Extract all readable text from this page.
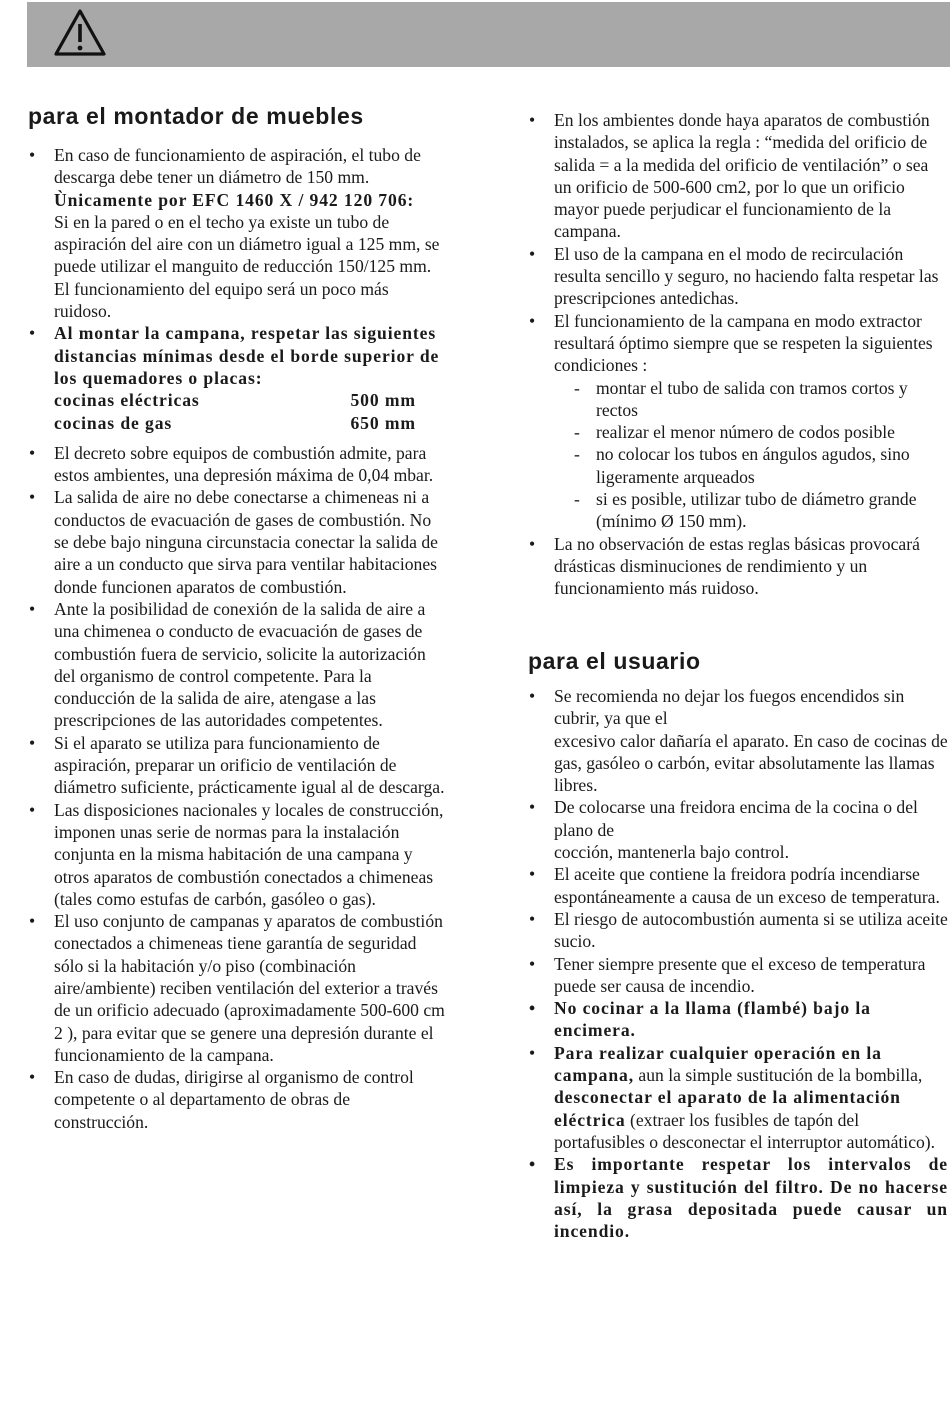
para el montador de muebles
• En caso de funcionamiento de aspiración, el tubo de descarga debe tener un diámetro de 150 mm.
Ùnicamente por EFC 1460 X / 942 120 706:
Si en la pared o en el techo ya existe un tubo de aspiración del aire con un diámetro igual a 125 mm, se puede utilizar el manguito de reducción 150/125 mm. El funcionamiento del equipo será un poco más ruidoso.
• Al montar la campana, respetar las siguientes distancias mínimas desde el borde superior de los quemadores o placas:
cocinas eléctricas	500 mm
cocinas de gas	650 mm
• El decreto sobre equipos de combustión admite, para estos ambientes, una depresión máxima de 0,04 mbar.
• La salida de aire no debe conectarse a chimeneas ni a conductos de evacuación de gases de combustión. No se debe bajo ninguna circunstacia conectar la salida de aire a un conducto que sirva para ventilar habitaciones donde funcionen aparatos de combustión.
• Ante la posibilidad de conexión de la salida de aire a una chimenea o conducto de evacuación de gases de combustión fuera de servicio, solicite la autorización del organismo de control competente. Para la conducción de la salida de aire, atengase a las prescripciones de las autoridades competentes.
• Si el aparato se utiliza para funcionamiento de aspiración, preparar un orificio de ventilación de diámetro suficiente, prácticamente igual al de descarga.
• Las disposiciones nacionales y locales de construcción, imponen unas serie de normas para la instalación conjunta en la misma habitación de una campana y otros aparatos de combustión conectados a chimeneas (tales como estufas de carbón, gasóleo o gas).
• El uso conjunto de campanas y aparatos de combustión conectados a chimeneas tiene garantía de seguridad sólo si la habitación y/o piso (combinación aire/ambiente) reciben ventilación del exterior a través de un orificio adecuado (aproximadamente 500-600 cm 2 ), para evitar que se genere una depresión durante el funcionamiento de la campana.
• En caso de dudas, dirigirse al organismo de control competente o al departamento de obras de construcción.
• En los ambientes donde haya aparatos de combustión instalados, se aplica la regla : “medida del orificio de salida = a la medida del orificio de ventilación” o sea un orificio de 500-600 cm2, por lo que un orificio mayor puede perjudicar el funcionamiento de la campana.
• El uso de la campana en el modo de recirculación resulta sencillo y seguro, no haciendo falta respetar las prescripciones antedichas.
• El funcionamiento de la campana en modo extractor resultará óptimo siempre que se respeten la siguientes condiciones :
- montar el tubo de salida con tramos cortos y rectos
- realizar el menor número de codos posible
- no colocar los tubos en ángulos agudos, sino ligeramente arqueados
- si es posible, utilizar tubo de diámetro grande (mínimo Ø 150 mm).
• La no observación de estas reglas básicas provocará drásticas disminuciones de rendimiento y un funcionamiento más ruidoso.
para el usuario
• Se recomienda no dejar los fuegos encendidos sin cubrir, ya que el
excesivo calor dañaría el aparato. En caso de cocinas de gas, gasóleo o carbón, evitar absolutamente las llamas libres.
• De colocarse una freidora encima de la cocina o del plano de
cocción, mantenerla bajo control.
• El aceite que contiene la freidora podría incendiarse espontáneamente a causa de un exceso de temperatura.
• El riesgo de autocombustión aumenta si se utiliza aceite sucio.
• Tener siempre presente que el exceso de temperatura puede ser causa de incendio.
• No cocinar a la llama (flambé) bajo la encimera.
• Para realizar cualquier operación en la campana, aun la simple sustitución de la bombilla, desconectar el aparato de la alimentación eléctrica (extraer los fusibles de tapón del portafusibles o desconectar el interruptor automático).
• Es importante respetar los intervalos de limpieza y sustitución del filtro. De no hacerse así, la grasa depositada puede causar un incendio.
